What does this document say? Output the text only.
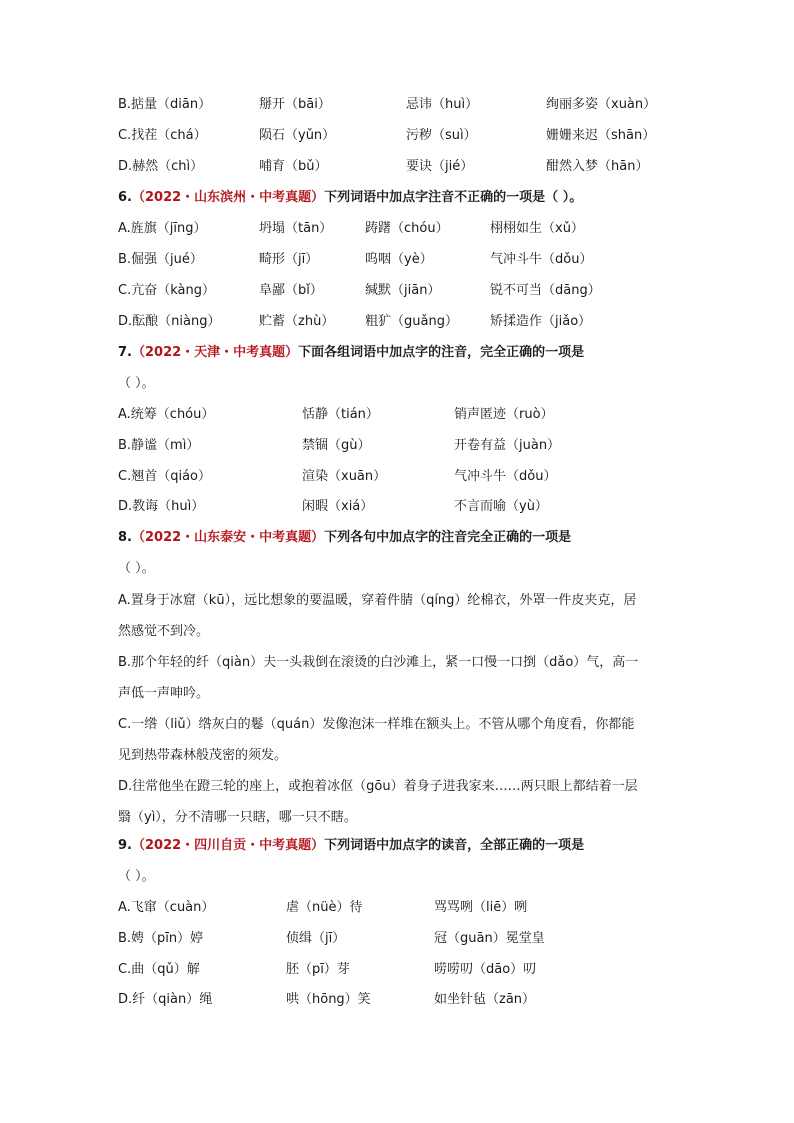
B.掂量（diān）	掰开（bāi）	忌讳（huì）	绚丽多姿（xuàn）
C.找茬（chá）	陨石（yǔn）	污秽（suì）	姗姗来迟（shān）
D.赫然（chì）	哺育（bǔ）	要诀（jié）	酣然入梦（hān）
6.（2022・山东滨州・中考真题）下列词语中加点字注音不正确的一项是（ ）。
A.旌旗（jīng）	坍塌（tān）	踌躇（chóu）	栩栩如生（xǔ）
B.倔强（jué）	畸形（jī）	呜咽（yè）	气冲斗牛（dǒu）
C.亢奋（kàng）	阜鄙（bǐ）	缄默（jiān）	锐不可当（dāng）
D.酝酿（niàng）	贮蓄（zhù） 粗犷（guǎng） 矫揉造作（jiǎo）
7.（2022・天津・中考真题）下面各组词语中加点字的注音，完全正确的一项是
（ ）。
A.统筹（chóu）	恬静（tián）	销声匿迹（ruò）
B.静谧（mì）	禁锢（gù）	开卷有益（juàn）
C.翘首（qiáo）	渲染（xuān）	气冲斗牛（dǒu）
D.教诲（huì）	闲暇（xiá）	不言而喻（yù）
8.（2022・山东泰安・中考真题）下列各句中加点字的注音完全正确的一项是
（ ）。
A.置身于冰窟（kū），远比想象的要温暖，穿着件腈（qíng）纶棉衣，外罩一件皮夹克，居
然感觉不到冷。
B.那个年轻的纤（qiàn）夫一头栽倒在滚烫的白沙滩上，紧一口慢一口捯（dǎo）气，高一
声低一声呻吟。
C.一绺（liǔ）绺灰白的鬈（quán）发像泡沫一样堆在额头上。不管从哪个角度看，你都能
见到热带森林般茂密的须发。
D.往常他坐在蹬三轮的座上，或抱着冰伛（gōu）着身子进我家来……两只眼上都结着一层
翳（yì），分不清哪一只瞎，哪一只不瞎。
9.（2022・四川自贡・中考真题）下列词语中加点字的读音，全部正确的一项是
（ ）。
A.飞窜（cuàn）	虐（nüè）待	骂骂咧（liē）咧
B.娉（pīn）婷	侦缉（jī）	冠（guān）冕堂皇
C.曲（qǔ）解	胚（pī）芽	唠唠叨（dāo）叨
D.纤（qiàn）绳	哄（hōng）笑	如坐针毡（zān）
